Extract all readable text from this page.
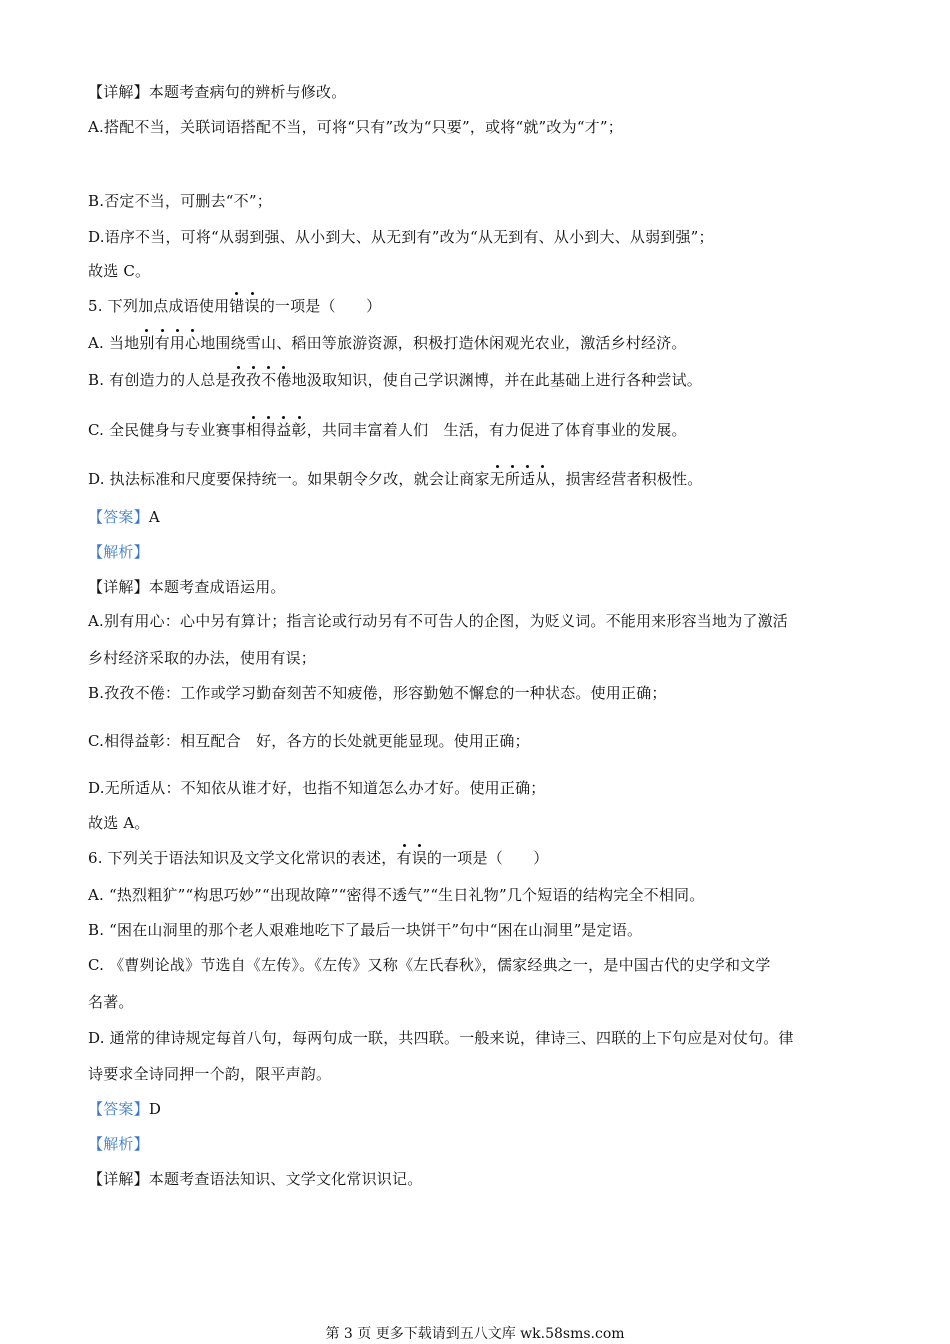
【详解】本题考查病句的辨析与修改。
A.搭配不当，关联词语搭配不当，可将“只有”改为“只要”，或将“就”改为“才”；
B.否定不当，可删去“不”；
D.语序不当，可将“从弱到强、从小到大、从无到有”改为“从无到有、从小到大、从弱到强”；
故选 C。
5. 下列加点成语使用错误的一项是（　　）
A. 当地别有用心地围绕雪山、稻田等旅游资源，积极打造休闲观光农业，激活乡村经济。
B. 有创造力的人总是孜孜不倦地汲取知识，使自己学识渊博，并在此基础上进行各种尝试。
C. 全民健身与专业赛事相得益彰，共同丰富着人们　生活，有力促进了体育事业的发展。
D. 执法标准和尺度要保持统一。如果朝令夕改，就会让商家无所适从，损害经营者积极性。
【答案】A
【解析】
【详解】本题考查成语运用。
A.别有用心：心中另有算计；指言论或行动另有不可告人的企图，为贬义词。不能用来形容当地为了激活
乡村经济采取的办法，使用有误；
B.孜孜不倦：工作或学习勤奋刻苦不知疲倦，形容勤勉不懈怠的一种状态。使用正确；
C.相得益彰：相互配合　好，各方的长处就更能显现。使用正确；
D.无所适从：不知依从谁才好，也指不知道怎么办才好。使用正确；
故选 A。
6. 下列关于语法知识及文学文化常识的表述，有误的一项是（　　）
A. “热烈粗犷”“构思巧妙”“出现故障”“密得不透气”“生日礼物”几个短语的结构完全不相同。
B. “困在山洞里的那个老人艰难地吃下了最后一块饼干”句中“困在山洞里”是定语。
C. 《曹刿论战》节选自《左传》。《左传》又称《左氏春秋》，儒家经典之一，是中国古代的史学和文学
名著。
D. 通常的律诗规定每首八句，每两句成一联，共四联。一般来说，律诗三、四联的上下句应是对仗句。律
诗要求全诗同押一个韵，限平声韵。
【答案】D
【解析】
【详解】本题考查语法知识、文学文化常识识记。
第 3 页 更多下载请到五八文库 wk.58sms.com
